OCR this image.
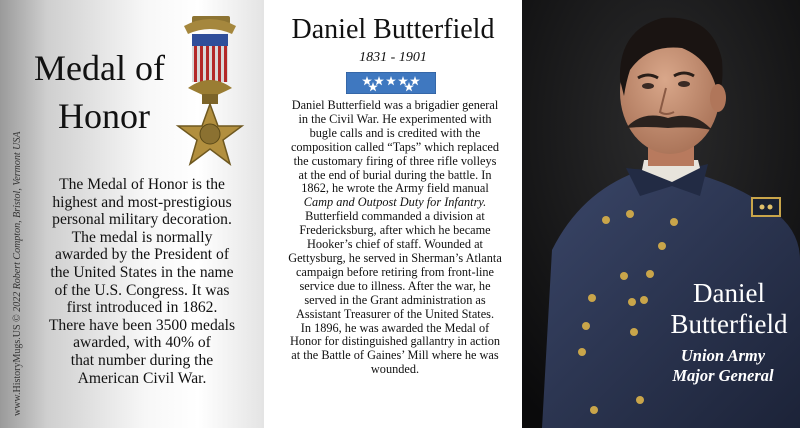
Medal of
Honor
The Medal of Honor is the
highest and most-prestigious
personal military decoration.
The medal is normally
awarded by the President of
the United States in the name
of the U.S. Congress. It was
first introduced in 1862.
There have been 3500 medals
awarded, with 40% of
that number during the
American Civil War.
www.HistoryMugs.US © 2022 Robert Compton, Bristol, Vermont USA
Daniel Butterfield
1831 - 1901
Daniel Butterfield was a brigadier general
in the Civil War. He experimented with
bugle calls and is credited with the
composition called “Taps” which replaced
the customary firing of three rifle volleys
at the end of burial during the battle. In
1862, he wrote the Army field manual
Camp and Outpost Duty for Infantry.
Butterfield commanded a division at
Fredericksburg, after which he became
Hooker’s chief of staff. Wounded at
Gettysburg, he served in Sherman’s Atlanta
campaign before retiring from front-line
service due to illness. After the war, he
served in the Grant administration as
Assistant Treasurer of the United States.
In 1896, he was awarded the Medal of
Honor for distinguished gallantry in action
at the Battle of Gaines’ Mill where he was
wounded.
Daniel
Butterfield
Union Army
Major General
